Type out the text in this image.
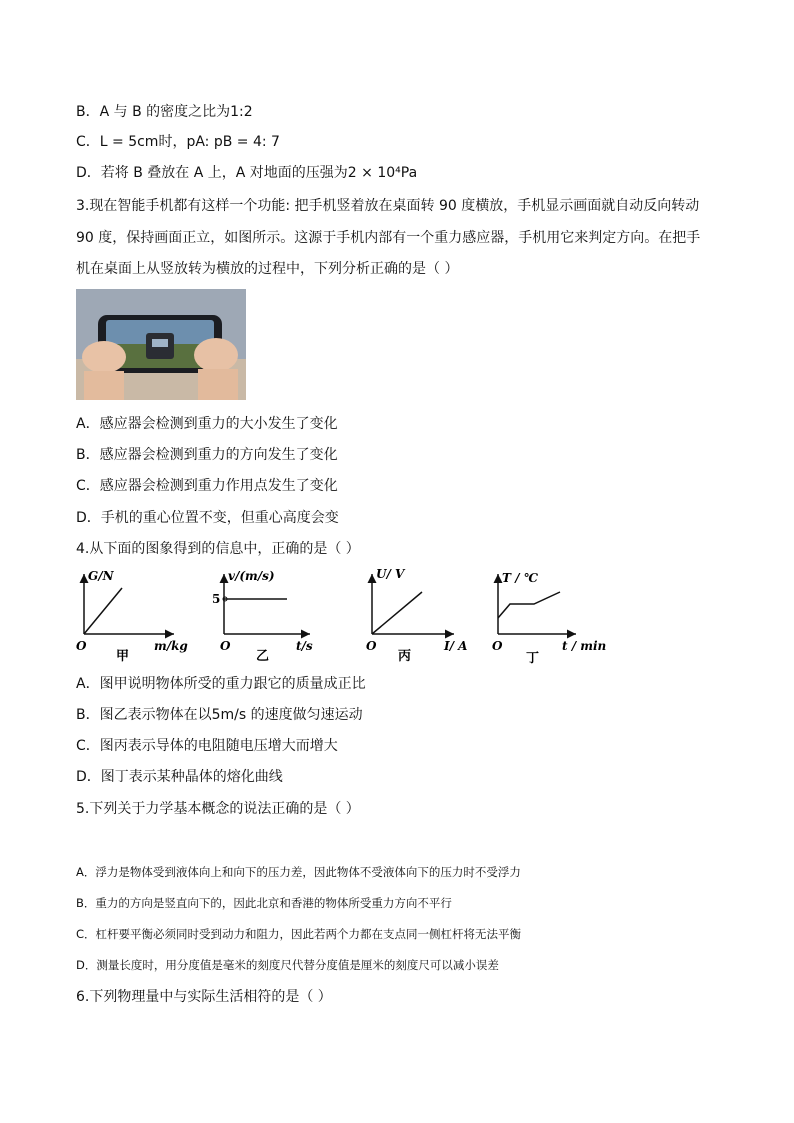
B．A 与 B 的密度之比为1:2
C．L = 5cm时，pA: pB = 4: 7
D．若将 B 叠放在 A 上，A 对地面的压强为2 × 10⁴Pa
3.现在智能手机都有这样一个功能: 把手机竖着放在桌面转 90 度横放，手机显示画面就自动反向转动
90 度，保持画面正立，如图所示。这源于手机内部有一个重力感应器，手机用它来判定方向。在把手
机在桌面上从竖放转为横放的过程中，下列分析正确的是（ ）
A．感应器会检测到重力的大小发生了变化
B．感应器会检测到重力的方向发生了变化
C．感应器会检测到重力作用点发生了变化
D．手机的重心位置不变，但重心高度会变
4.从下面的图象得到的信息中，正确的是（ ）
G/N
m/kg
O
甲
v/(m/s)
5
t/s
O
乙
U/ V
I/ A
O
丙
T / ℃
t / min
O
丁
A．图甲说明物体所受的重力跟它的质量成正比
B．图乙表示物体在以5m/s 的速度做匀速运动
C．图丙表示导体的电阻随电压增大而增大
D．图丁表示某种晶体的熔化曲线
5.下列关于力学基本概念的说法正确的是（ ）
A．浮力是物体受到液体向上和向下的压力差，因此物体不受液体向下的压力时不受浮力
B．重力的方向是竖直向下的，因此北京和香港的物体所受重力方向不平行
C．杠杆要平衡必须同时受到动力和阻力，因此若两个力都在支点同一侧杠杆将无法平衡
D．测量长度时，用分度值是毫米的刻度尺代替分度值是厘米的刻度尺可以减小误差
6.下列物理量中与实际生活相符的是（ ）
